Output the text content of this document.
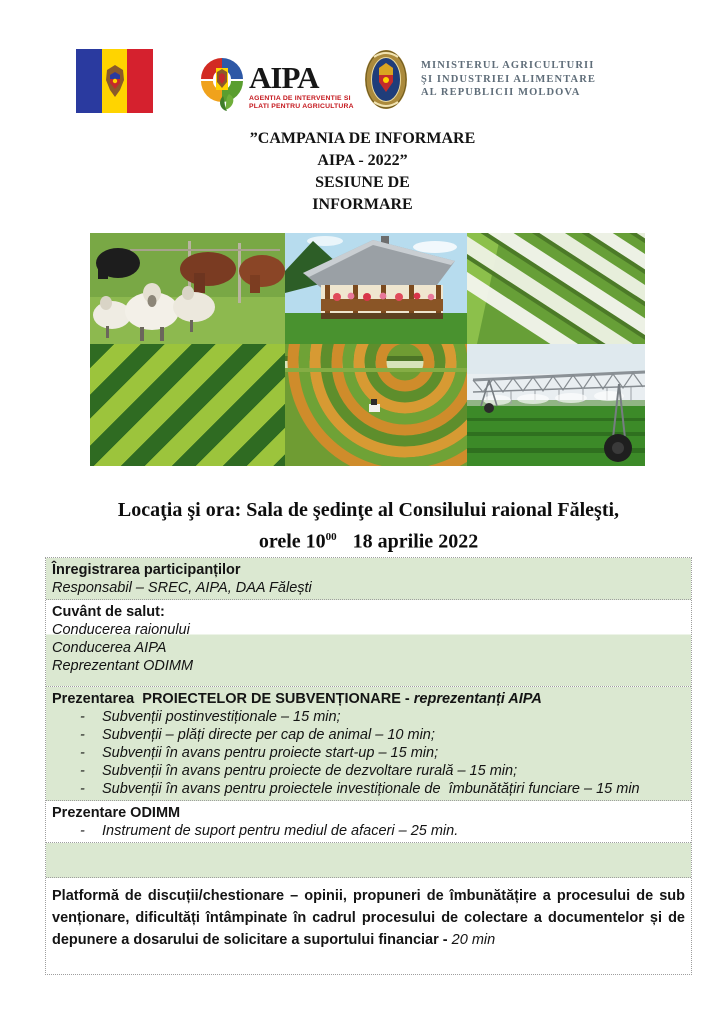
AIPA
AGENTIA DE INTERVENTIE SI
PLATI PENTRU AGRICULTURA
MINISTERUL AGRICULTURII
ŞI INDUSTRIEI ALIMENTARE
AL REPUBLICII MOLDOVA
”CAMPANIA DE INFORMARE
AIPA - 2022”
SESIUNE DE
INFORMARE
Locaţia şi ora: Sala de şedinţe al Consilului raional Făleşti,
orele $10^{00}$ 18 aprilie 2022
Înregistrarea participanților
Responsabil – SREC, AIPA, DAA Fălești
Cuvânt de salut:
Conducerea raionului
Conducerea AIPA
Reprezentant ODIMM
Prezentarea  PROIECTELOR DE SUBVENȚIONARE - reprezentanți AIPA
-	Subvenții postinvestiționale – 15 min;
-	Subvenții – plăți directe per cap de animal – 10 min;
-	Subvenții în avans pentru proiecte start-up – 15 min;
-	Subvenții în avans pentru proiecte de dezvoltare rurală – 15 min;
-	Subvenții în avans pentru proiectele investiționale de  îmbunătățiri funciare – 15 min
Prezentare ODIMM
-	Instrument de suport pentru mediul de afaceri – 25 min.
Platformă de discuții/chestionare – opinii, propuneri de îmbunătățire a procesului de sub venționare, dificultăți întâmpinate în cadrul procesului de colectare a documentelor și de depunere a dosarului de solicitare a suportului financiar - 20 min
